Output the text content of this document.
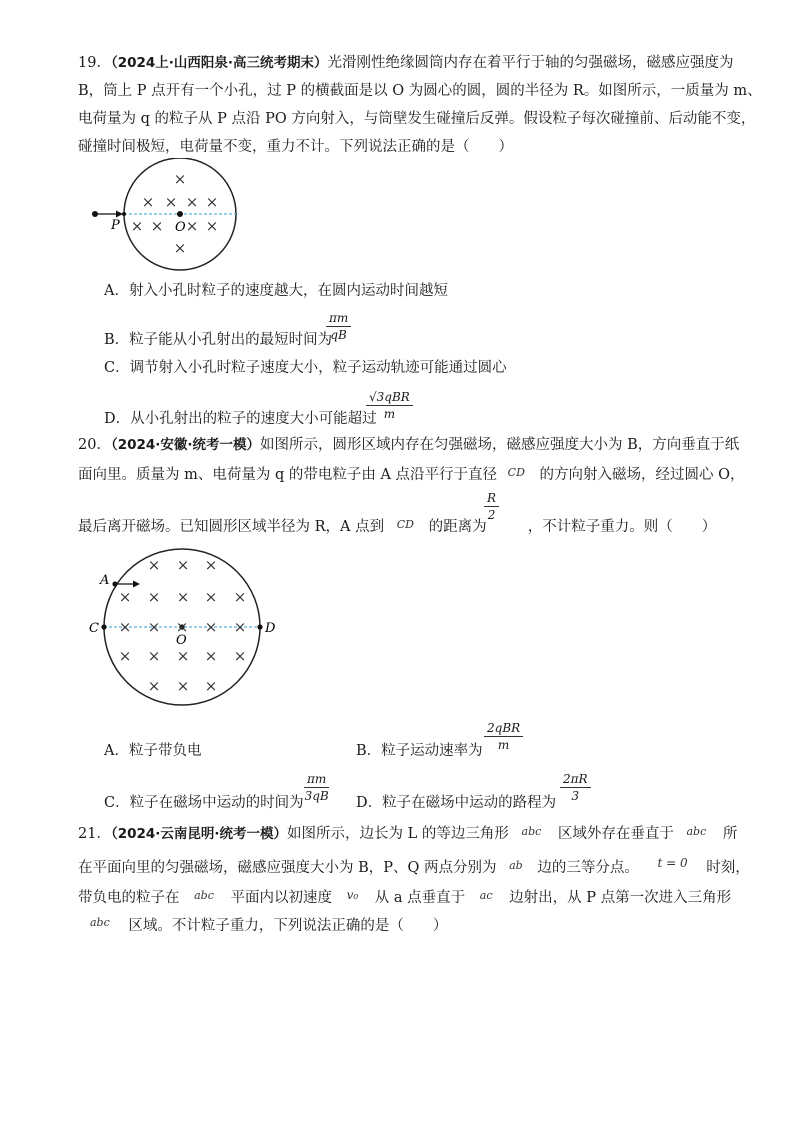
19．（2024上·山西阳泉·高三统考期末）光滑刚性绝缘圆筒内存在着平行于轴的匀强磁场，磁感应强度为
B，筒上 P 点开有一个小孔，过 P 的横截面是以 O 为圆心的圆，圆的半径为 R。如图所示，一质量为 m、
电荷量为 q 的粒子从 P 点沿 PO 方向射入，与筒壁发生碰撞后反弹。假设粒子每次碰撞前、后动能不变，
碰撞时间极短，电荷量不变，重力不计。下列说法正确的是（　　）
P	O
×
× × × ×
× × × ×
×
A．射入小孔时粒子的速度越大，在圆内运动时间越短
B．粒子能从小孔射出的最短时间为
$\frac{\pi m}{qB}$
C．调节射入小孔时粒子速度大小，粒子运动轨迹可能通过圆心
D．从小孔射出的粒子的速度大小可能超过
√3qBR
m
20．（2024·安徽·统考一模）如图所示，圆形区域内存在匀强磁场，磁感应强度大小为 B，方向垂直于纸
面向里。质量为 m、电荷量为 q 的带电粒子由 A 点沿平行于直径 $^{CD}$ 的方向射入磁场，经过圆心 O，
最后离开磁场。已知圆形区域半径为 R，A 点到 $^{CD}$ 的距离为	，不计粒子重力。则（　　）
$\frac{R}{2}$
A
C
O
D
× × ×
× × × × ×
× × × × ×
× × × × ×
× × ×
A．粒子带负电	B．粒子运动速率为
2qBR
m
C．粒子在磁场中运动的时间为 $\frac{\pi m}{3qB}$ D．粒子在磁场中运动的路程为 $\frac{2\pi R}{3}$
21．（2024·云南昆明·统考一模）如图所示，边长为 L 的等边三角形 $^{abc}$ 区域外存在垂直于 $^{abc}$ 所
在平面向里的匀强磁场，磁感应强度大小为 B，P、Q 两点分别为 $^{ab}$ 边的三等分点。 $^{t = 0}$ 时刻，
带负电的粒子在 $^{abc}$ 平面内以初速度 $^{v_0}$ 从 a 点垂直于 $^{ac}$ 边射出，从 P 点第一次进入三角形
$^{abc}$ 区域。不计粒子重力，下列说法正确的是（　　）
